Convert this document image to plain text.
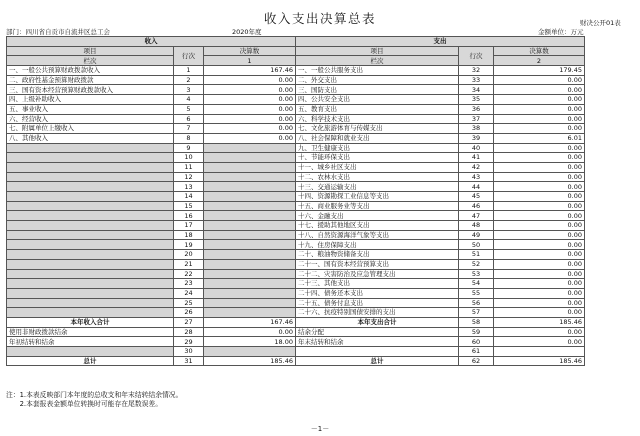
收入支出决算总表	财决公开01表
部门：四川省自贡市自流井区总工会	2020年度	金额单位：万元
收入			支出		
项目	行次	决算数	项目	行次	决算数
栏次		1	栏次		2
一、一般公共预算财政拨款收入	1	167.46	一、一般公共服务支出	32	179.45
二、政府性基金预算财政拨款	2	0.00	二、外交支出	33	0.00
三、国有资本经营预算财政拨款收入	3	0.00	三、国防支出	34	0.00
四、上级补助收入	4	0.00	四、公共安全支出	35	0.00
五、事业收入	5	0.00	五、教育支出	36	0.00
六、经营收入	6	0.00	六、科学技术支出	37	0.00
七、附属单位上缴收入	7	0.00	七、文化旅游体育与传媒支出	38	0.00
八、其他收入	8	0.00	八、社会保障和就业支出	39	6.01
	9		九、卫生健康支出	40	0.00
	10		十、节能环保支出	41	0.00
	11		十一、城乡社区支出	42	0.00
	12		十二、农林水支出	43	0.00
	13		十三、交通运输支出	44	0.00
	14		十四、资源勘探工业信息等支出	45	0.00
	15		十五、商业服务业等支出	46	0.00
	16		十六、金融支出	47	0.00
	17		十七、援助其他地区支出	48	0.00
	18		十八、自然资源海洋气象等支出	49	0.00
	19		十九、住房保障支出	50	0.00
	20		二十、粮油物资储备支出	51	0.00
	21		二十一、国有资本经营预算支出	52	0.00
	22		二十二、灾害防治及应急管理支出	53	0.00
	23		二十三、其他支出	54	0.00
	24		二十四、债务还本支出	55	0.00
	25		二十五、债务付息支出	56	0.00
	26		二十六、抗疫特别国债安排的支出	57	0.00
本年收入合计	27	167.46	本年支出合计	58	185.46
使用非财政拨款结余	28	0.00	结余分配	59	0.00
年初结转和结余	29	18.00	年末结转和结余	60	0.00
	30			61	
总计	31	185.46	总计	62	185.46
注：1.本表反映部门本年度的总收支和年末结转结余情况。
　　2.本套报表金额单位转换时可能存在尾数误差。
－1－
